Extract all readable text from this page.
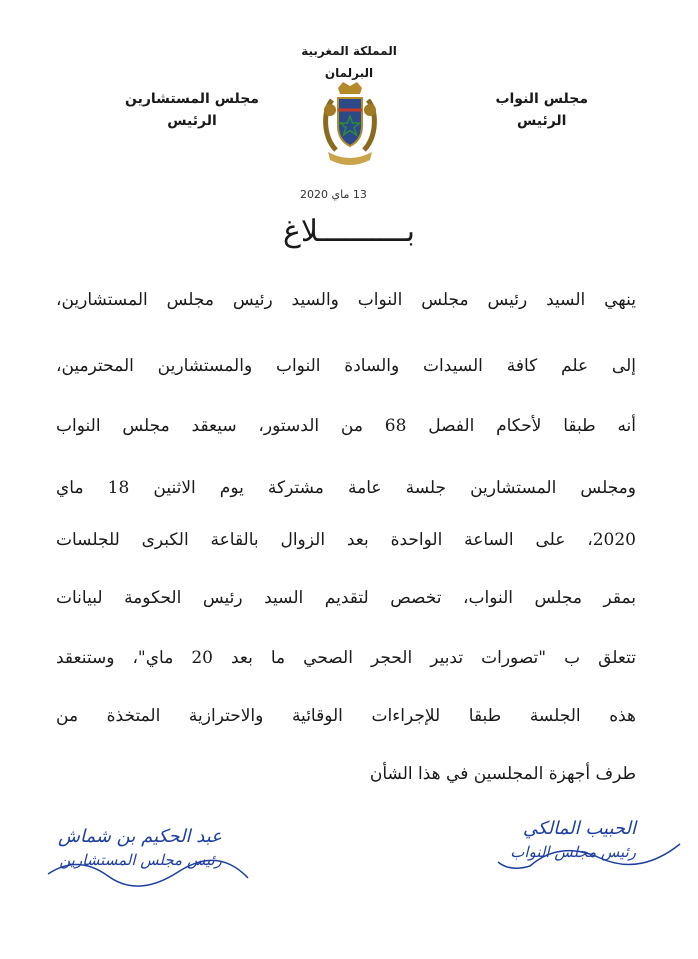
مجلس النواب
الرئيس
المملكة المغربية
البرلمان
مجلس المستشارين
الرئيس
13 ماي 2020
بــــــــــلاغ
ينهي السيد رئيس مجلس النواب والسيد رئيس مجلس المستشارين،
إلى علم كافة السيدات والسادة النواب والمستشارين المحترمين،
أنه طبقا لأحكام الفصل 68 من الدستور، سيعقد مجلس النواب
ومجلس المستشارين جلسة عامة مشتركة يوم الاثنين 18 ماي
2020، على الساعة الواحدة بعد الزوال بالقاعة الكبرى للجلسات
بمقر مجلس النواب، تخصص لتقديم السيد رئيس الحكومة لبيانات
تتعلق ب "تصورات تدبير الحجر الصحي ما بعد 20 ماي"، وستنعقد
هذه الجلسة طبقا للإجراءات الوقائية والاحترازية المتخذة من
طرف أجهزة المجلسين في هذا الشأن
عبد الحكيم بن شماش
رئيس مجلس المستشارين
الحبيب المالكي
رئيس مجلس النواب
